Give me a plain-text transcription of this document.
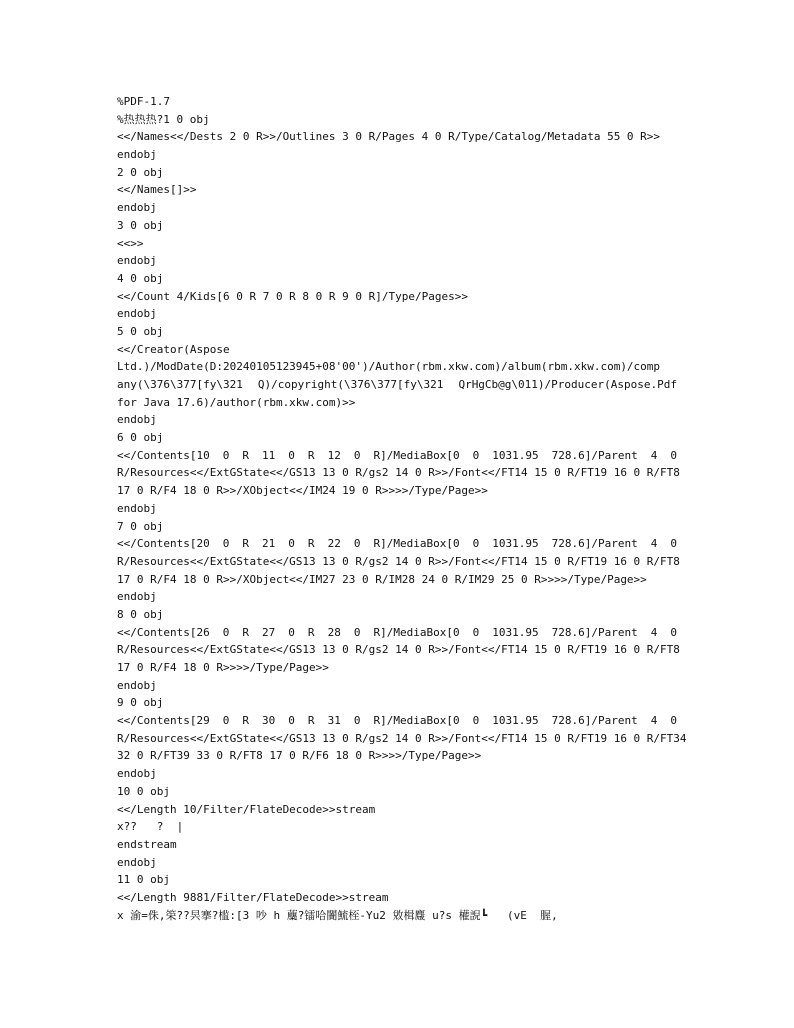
%PDF-1.7
%热热热?1 0 obj
<</Names<</Dests 2 0 R>>/Outlines 3 0 R/Pages 4 0 R/Type/Catalog/Metadata 55 0 R>>
endobj
2 0 obj
<</Names[]>>
endobj
3 0 obj
<<>>
endobj
4 0 obj
<</Count 4/Kids[6 0 R 7 0 R 8 0 R 9 0 R]/Type/Pages>>
endobj
5 0 obj
<</Creator(Aspose
Ltd.)/ModDate(D:20240105123945+08'00')/Author(rbm.xkw.com)/album(rbm.xkw.com)/comp
any(\376\377[fy\321 Q)/copyright(\376\377[fy\321 QrHgCb@g\011)/Producer(Aspose.Pdf
for Java 17.6)/author(rbm.xkw.com)>>
endobj
6 0 obj
<</Contents[10 0 R 11 0 R 12 0 R]/MediaBox[0 0 1031.95 728.6]/Parent 4 0
R/Resources<</ExtGState<</GS13 13 0 R/gs2 14 0 R>>/Font<</FT14 15 0 R/FT19 16 0 R/FT8
17 0 R/F4 18 0 R>>/XObject<</IM24 19 0 R>>>>/Type/Page>>
endobj
7 0 obj
<</Contents[20 0 R 21 0 R 22 0 R]/MediaBox[0 0 1031.95 728.6]/Parent 4 0
R/Resources<</ExtGState<</GS13 13 0 R/gs2 14 0 R>>/Font<</FT14 15 0 R/FT19 16 0 R/FT8
17 0 R/F4 18 0 R>>/XObject<</IM27 23 0 R/IM28 24 0 R/IM29 25 0 R>>>>/Type/Page>>
endobj
8 0 obj
<</Contents[26 0 R 27 0 R 28 0 R]/MediaBox[0 0 1031.95 728.6]/Parent 4 0
R/Resources<</ExtGState<</GS13 13 0 R/gs2 14 0 R>>/Font<</FT14 15 0 R/FT19 16 0 R/FT8
17 0 R/F4 18 0 R>>>>/Type/Page>>
endobj
9 0 obj
<</Contents[29 0 R 30 0 R 31 0 R]/MediaBox[0 0 1031.95 728.6]/Parent 4 0
R/Resources<</ExtGState<</GS13 13 0 R/gs2 14 0 R>>/Font<</FT14 15 0 R/FT19 16 0 R/FT34
32 0 R/FT39 33 0 R/FT8 17 0 R/F6 18 0 R>>>>/Type/Page>>
endobj
10 0 obj
<</Length 10/Filter/FlateDecode>>stream
x??   ?  |
endstream
endobj
11 0 obj
<</Length 9881/Filter/FlateDecode>>stream
x 渝=侏,筞??昗搴?槛:[3 吵 h 蘪?镭哈闠鯍桎-Yu2 敓楫麙 u?s 權誽┗   (vE  腛,
